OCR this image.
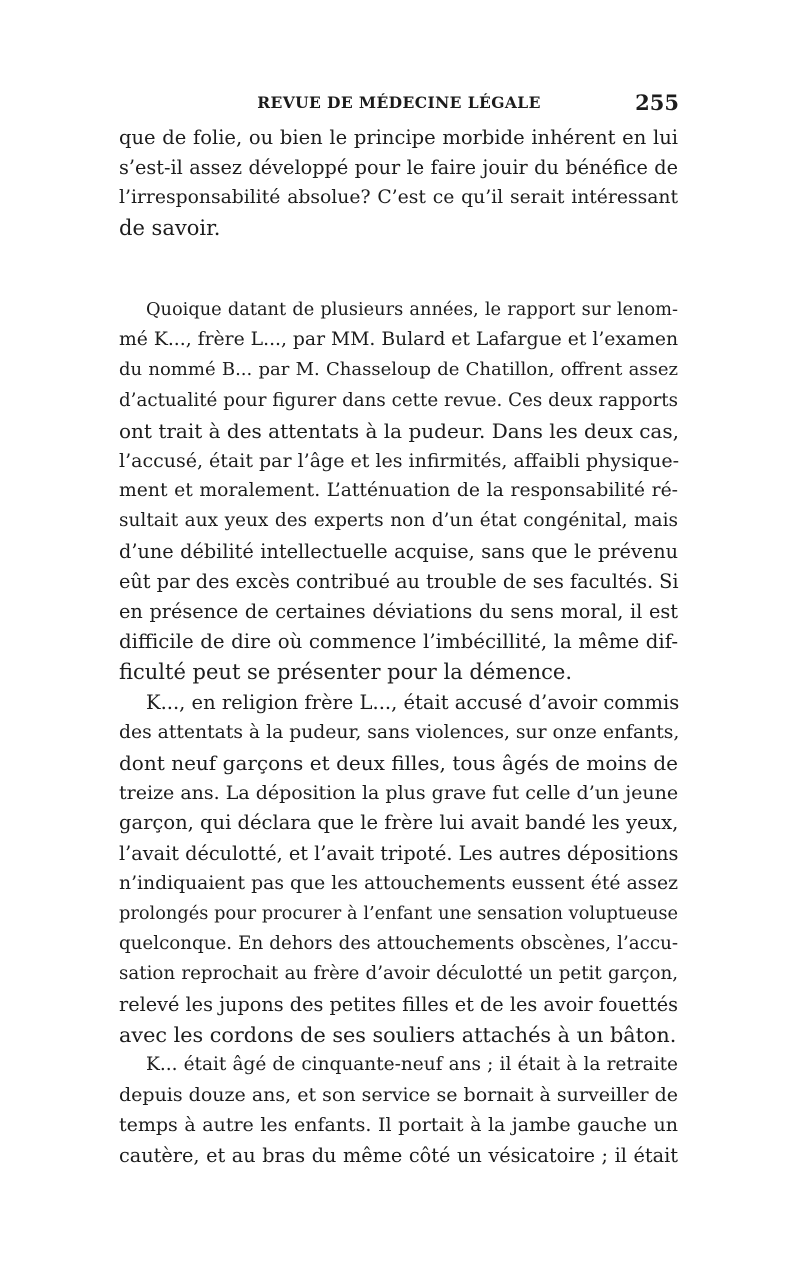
REVUE DE MÉDECINE LÉGALE	255
que de folie, ou bien le principe morbide inhérent en lui
s’est-il assez développé pour le faire jouir du bénéfice de
l’irresponsabilité absolue? C’est ce qu’il serait intéressant
de savoir.
Quoique datant de plusieurs années, le rapport sur lenom-
mé K..., frère L..., par MM. Bulard et Lafargue et l’examen
du nommé B... par M. Chasseloup de Chatillon, offrent assez
d’actualité pour figurer dans cette revue. Ces deux rapports
ont trait à des attentats à la pudeur. Dans les deux cas,
l’accusé, était par l’âge et les infirmités, affaibli physique-
ment et moralement. L’atténuation de la responsabilité ré-
sultait aux yeux des experts non d’un état congénital, mais
d’une débilité intellectuelle acquise, sans que le prévenu
eût par des excès contribué au trouble de ses facultés. Si
en présence de certaines déviations du sens moral, il est
difficile de dire où commence l’imbécillité, la même dif-
ficulté peut se présenter pour la démence.
K..., en religion frère L..., était accusé d’avoir commis
des attentats à la pudeur, sans violences, sur onze enfants,
dont neuf garçons et deux filles, tous âgés de moins de
treize ans. La déposition la plus grave fut celle d’un jeune
garçon, qui déclara que le frère lui avait bandé les yeux,
l’avait déculotté, et l’avait tripoté. Les autres dépositions
n’indiquaient pas que les attouchements eussent été assez
prolongés pour procurer à l’enfant une sensation voluptueuse
quelconque. En dehors des attouchements obscènes, l’accu-
sation reprochait au frère d’avoir déculotté un petit garçon,
relevé les jupons des petites filles et de les avoir fouettés
avec les cordons de ses souliers attachés à un bâton.
K... était âgé de cinquante-neuf ans ; il était à la retraite
depuis douze ans, et son service se bornait à surveiller de
temps à autre les enfants. Il portait à la jambe gauche un
cautère, et au bras du même côté un vésicatoire ; il était
